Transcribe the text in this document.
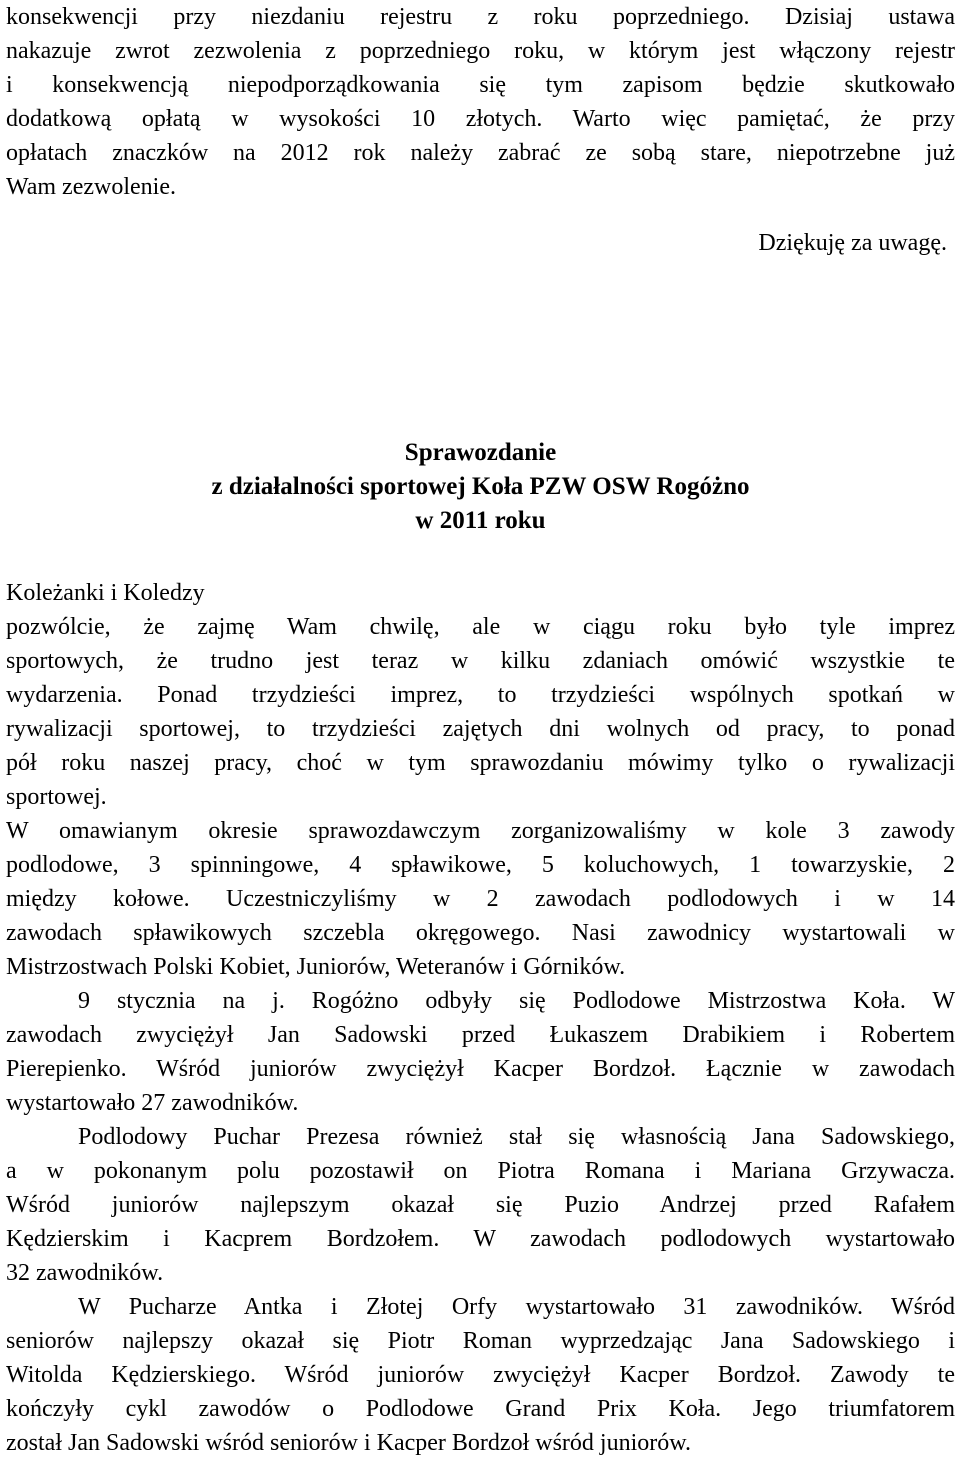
konsekwencji przy niezdaniu rejestru z roku poprzedniego. Dzisiaj ustawa
nakazuje zwrot zezwolenia z poprzedniego roku, w którym jest włączony rejestr
i konsekwencją niepodporządkowania się tym zapisom będzie skutkowało
dodatkową opłatą w wysokości 10 złotych. Warto więc pamiętać, że przy
opłatach znaczków na 2012 rok należy zabrać ze sobą stare, niepotrzebne już
Wam zezwolenie.
Dziękuję za uwagę.
Sprawozdanie
z działalności sportowej Koła PZW OSW Rogóżno
w 2011 roku
Koleżanki i Koledzy
pozwólcie, że zajmę Wam chwilę, ale w ciągu roku było tyle imprez
sportowych, że trudno jest teraz w kilku zdaniach omówić wszystkie te
wydarzenia. Ponad trzydzieści imprez, to trzydzieści wspólnych spotkań w
rywalizacji sportowej, to trzydzieści zajętych dni wolnych od pracy, to ponad
pół roku naszej pracy, choć w tym sprawozdaniu mówimy tylko o rywalizacji
sportowej.
W omawianym okresie sprawozdawczym zorganizowaliśmy w kole 3 zawody
podlodowe, 3 spinningowe, 4 spławikowe, 5 koluchowych, 1 towarzyskie, 2
między kołowe. Uczestniczyliśmy w 2 zawodach podlodowych i w 14
zawodach spławikowych szczebla okręgowego. Nasi zawodnicy wystartowali w
Mistrzostwach Polski Kobiet, Juniorów, Weteranów i Górników.
9 stycznia na j. Rogóżno odbyły się Podlodowe Mistrzostwa Koła. W
zawodach zwyciężył Jan Sadowski przed Łukaszem Drabikiem i Robertem
Pierepienko. Wśród juniorów zwyciężył Kacper Bordzoł. Łącznie w zawodach
wystartowało 27 zawodników.
Podlodowy Puchar Prezesa również stał się własnością Jana Sadowskiego,
a w pokonanym polu pozostawił on Piotra Romana i Mariana Grzywacza.
Wśród juniorów najlepszym okazał się Puzio Andrzej przed Rafałem
Kędzierskim i Kacprem Bordzołem. W zawodach podlodowych wystartowało
32 zawodników.
W Pucharze Antka i Złotej Orfy wystartowało 31 zawodników. Wśród
seniorów najlepszy okazał się Piotr Roman wyprzedzając Jana Sadowskiego i
Witolda Kędzierskiego. Wśród juniorów zwyciężył Kacper Bordzoł. Zawody te
kończyły cykl zawodów o Podlodowe Grand Prix Koła. Jego triumfatorem
został Jan Sadowski wśród seniorów i Kacper Bordzoł wśród juniorów.
